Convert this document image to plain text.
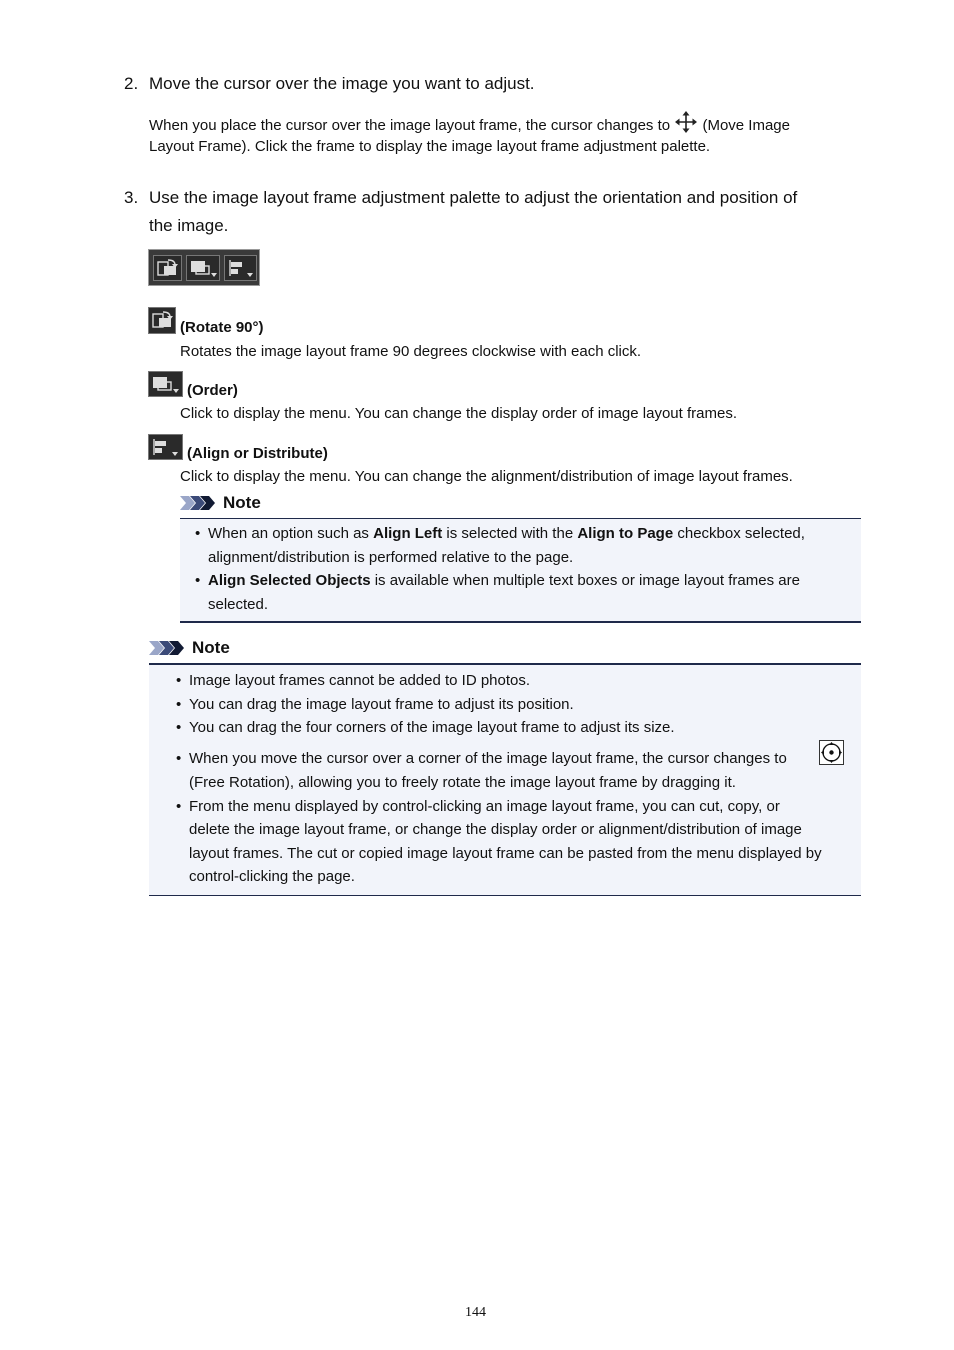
2. Move the cursor over the image you want to adjust.
When you place the cursor over the image layout frame, the cursor changes to (Move Image
Layout Frame). Click the frame to display the image layout frame adjustment palette.
3. Use the image layout frame adjustment palette to adjust the orientation and position of
the image.
(Rotate 90°)
Rotates the image layout frame 90 degrees clockwise with each click.
(Order)
Click to display the menu. You can change the display order of image layout frames.
(Align or Distribute)
Click to display the menu. You can change the alignment/distribution of image layout frames.
Note
• When an option such as Align Left is selected with the Align to Page checkbox selected,
alignment/distribution is performed relative to the page.
• Align Selected Objects is available when multiple text boxes or image layout frames are
selected.
Note
• Image layout frames cannot be added to ID photos.
• You can drag the image layout frame to adjust its position.
• You can drag the four corners of the image layout frame to adjust its size.
• When you move the cursor over a corner of the image layout frame, the cursor changes to
(Free Rotation), allowing you to freely rotate the image layout frame by dragging it.
• From the menu displayed by control-clicking an image layout frame, you can cut, copy, or
delete the image layout frame, or change the display order or alignment/distribution of image
layout frames. The cut or copied image layout frame can be pasted from the menu displayed by
control-clicking the page.
144
